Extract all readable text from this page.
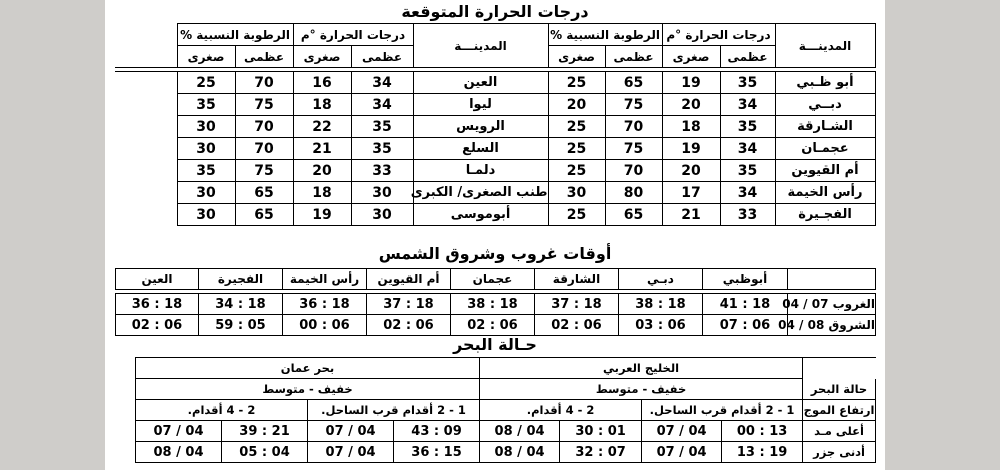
درجات الحرارة المتوقعة
المدينـــة	درجات الحرارة °م		الرطوبة النسبية %		المدينـــة	درجات الحرارة °م		الرطوبة النسبية %		
	عظمى	صغرى	عظمى	صغرى		عظمى	صغرى	عظمى	صغرى	

أبو ظـبي	35	19	65	25	العين	34	16	70	25	
دبــي	34	20	75	20	ليوا	34	18	75	35	
الشـارقة	35	18	70	25	الرويس	35	22	70	30	
عجمـان	34	19	75	25	السلع	35	21	70	30	
أم القيوين	35	20	70	25	دلمـا	33	20	75	35	
رأس الخيمة	34	17	80	30	طنب الصغرى/ الكبرى	30	18	65	30	
الفجـيرة	33	21	65	25	أبوموسى	30	19	65	30	
أوقات غروب وشروق الشمس
	أبوظبي	دبـي	الشارقة	عجمان	أم القيوين	رأس الخيمة	الفجيرة	العين

الغروب 07 / 04	18 : 41	18 : 38	18 : 37	18 : 38	18 : 37	18 : 36	18 : 34	18 : 36
الشروق 08 / 04	06 : 07	06 : 03	06 : 02	06 : 02	06 : 02	06 : 00	05 : 59	06 : 02
حـالة البحر
	الخليج العربي				بحر عمان			
حالة البحر	خفيف - متوسط				خفيف - متوسط			
ارتفاع الموج	1 - 2 أقدام قرب الساحل.		2 - 4 أقدام.		1 - 2 أقدام قرب الساحل.		2 - 4 أقدام.	
أعلى مـد	13 : 00	04 / 07	01 : 30	04 / 08	09 : 43	04 / 07	21 : 39	04 / 07
أدنى جزر	19 : 13	04 / 07	07 : 32	04 / 08	15 : 36	04 / 07	04 : 05	04 / 08
